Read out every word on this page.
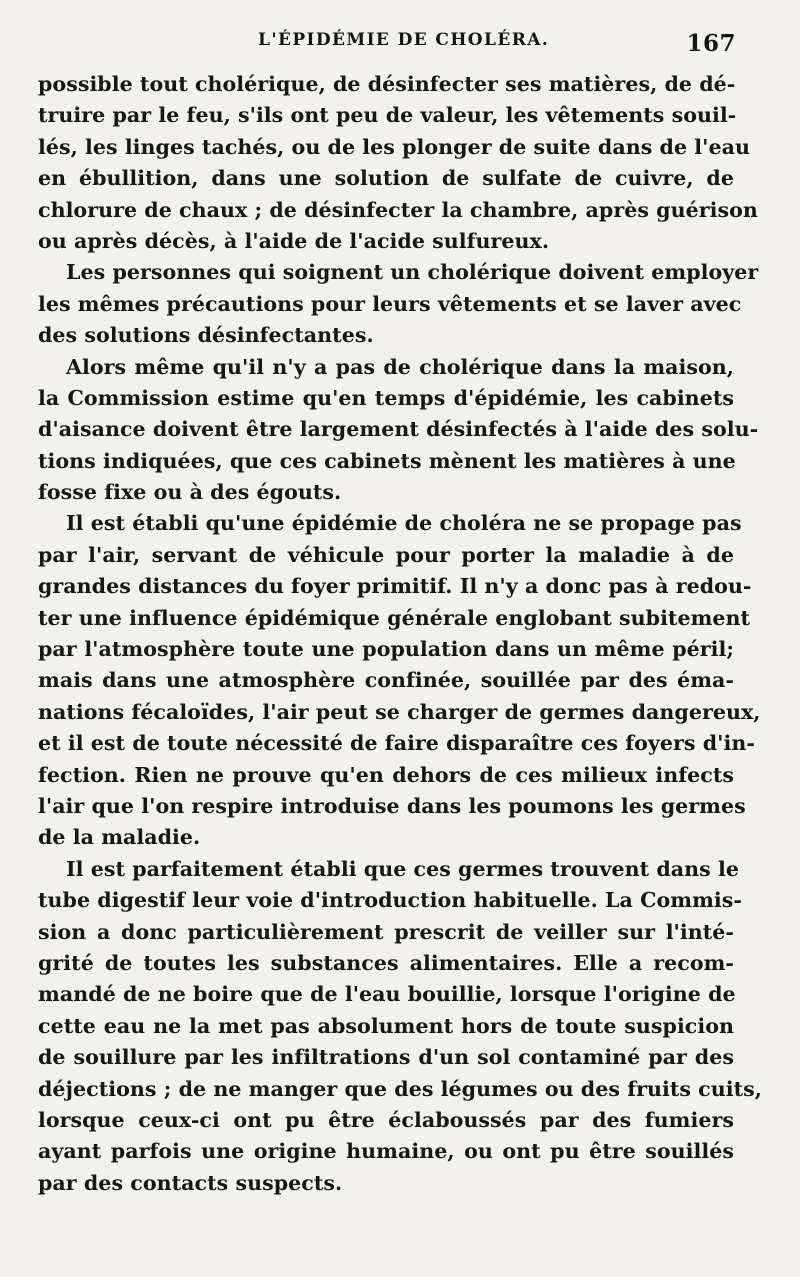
L'ÉPIDÉMIE DE CHOLÉRA.	167
possible tout cholérique, de désinfecter ses matières, de dé-
truire par le feu, s'ils ont peu de valeur, les vêtements souil-
lés, les linges tachés, ou de les plonger de suite dans de l'eau
en ébullition, dans une solution de sulfate de cuivre, de
chlorure de chaux ; de désinfecter la chambre, après guérison
ou après décès, à l'aide de l'acide sulfureux.
Les personnes qui soignent un cholérique doivent employer
les mêmes précautions pour leurs vêtements et se laver avec
des solutions désinfectantes.
Alors même qu'il n'y a pas de cholérique dans la maison,
la Commission estime qu'en temps d'épidémie, les cabinets
d'aisance doivent être largement désinfectés à l'aide des solu-
tions indiquées, que ces cabinets mènent les matières à une
fosse fixe ou à des égouts.
Il est établi qu'une épidémie de choléra ne se propage pas
par l'air, servant de véhicule pour porter la maladie à de
grandes distances du foyer primitif. Il n'y a donc pas à redou-
ter une influence épidémique générale englobant subitement
par l'atmosphère toute une population dans un même péril;
mais dans une atmosphère confinée, souillée par des éma-
nations fécaloïdes, l'air peut se charger de germes dangereux,
et il est de toute nécessité de faire disparaître ces foyers d'in-
fection. Rien ne prouve qu'en dehors de ces milieux infects
l'air que l'on respire introduise dans les poumons les germes
de la maladie.
Il est parfaitement établi que ces germes trouvent dans le
tube digestif leur voie d'introduction habituelle. La Commis-
sion a donc particulièrement prescrit de veiller sur l'inté-
grité de toutes les substances alimentaires. Elle a recom-
mandé de ne boire que de l'eau bouillie, lorsque l'origine de
cette eau ne la met pas absolument hors de toute suspicion
de souillure par les infiltrations d'un sol contaminé par des
déjections ; de ne manger que des légumes ou des fruits cuits,
lorsque ceux-ci ont pu être éclaboussés par des fumiers
ayant parfois une origine humaine, ou ont pu être souillés
par des contacts suspects.
